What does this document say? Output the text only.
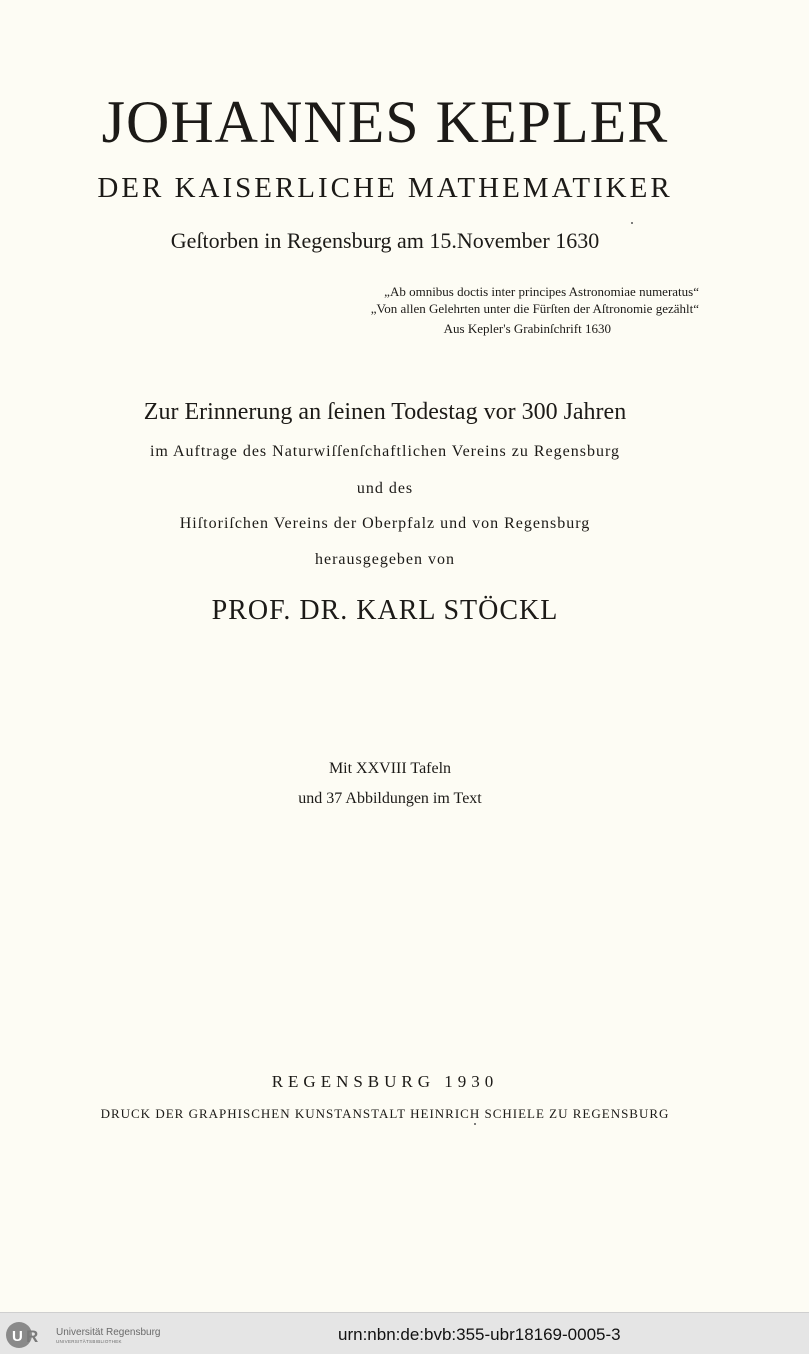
JOHANNES KEPLER

DER KAISERLICHE MATHEMATIKER

Geſtorben in Regensburg am 15.November 1630

„Ab omnibus doctis inter principes Astronomiae numeratus“

„Von allen Gelehrten unter die Fürſten der Aſtronomie gezählt“

Aus Kepler's Grabinſchrift 1630

Zur Erinnerung an ſeinen Todestag vor 300 Jahren

im Auftrage des Naturwiſſenſchaftlichen Vereins zu Regensburg

und des

Hiſtoriſchen Vereins der Oberpfalz und von Regensburg

herausgegeben von

PROF. DR. KARL STÖCKL

Mit XXVIII Tafeln

und 37 Abbildungen im Text

REGENSBURG 1930

DRUCK DER GRAPHISCHEN KUNSTANSTALT HEINRICH SCHIELE ZU REGENSBURG

U R Universität Regensburg
UNIVERSITÄTSBIBLIOTHEK	urn:nbn:de:bvb:355-ubr18169-0005-3
